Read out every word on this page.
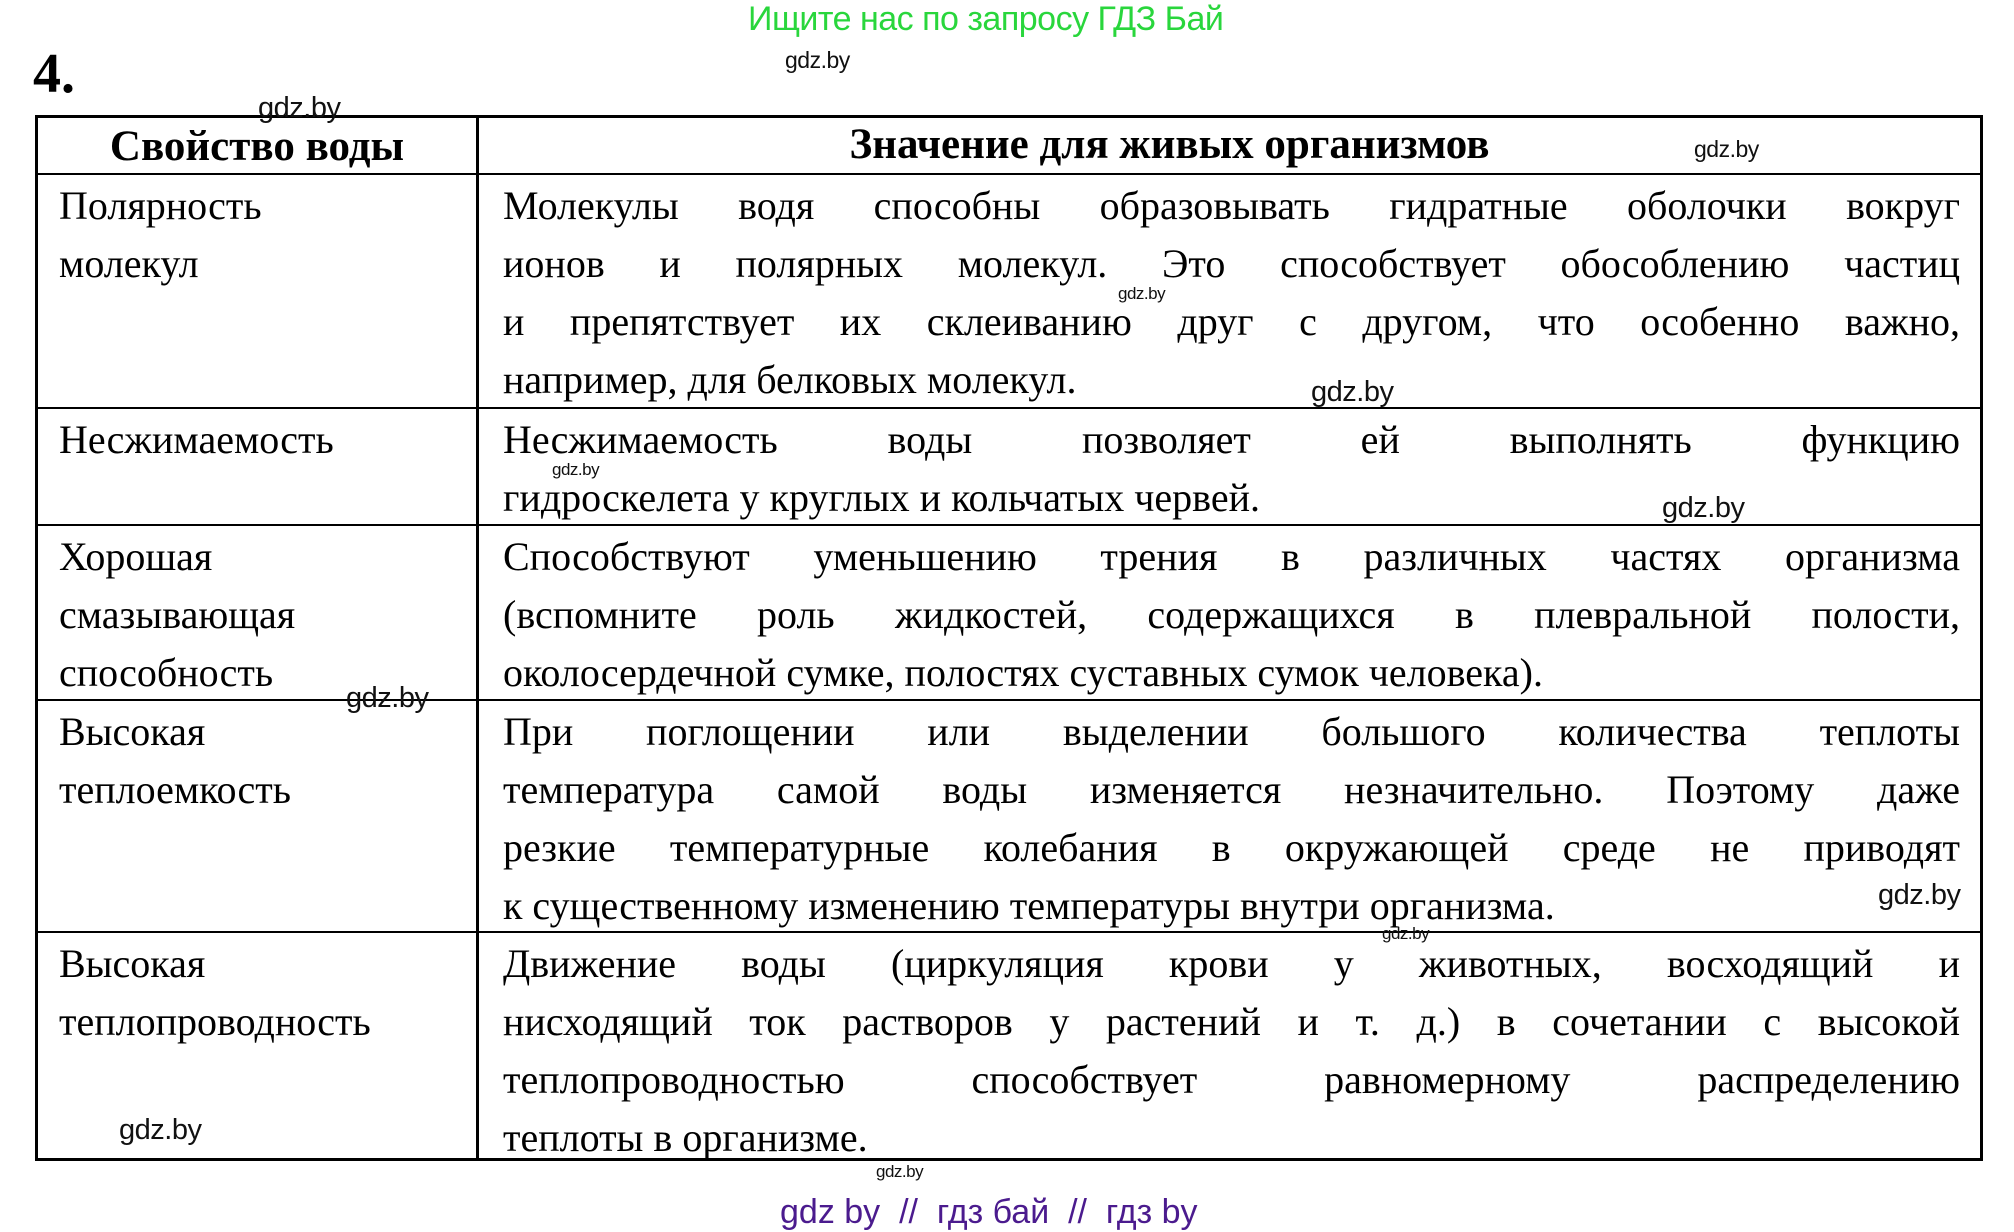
Ищите нас по запросу ГДЗ Бай
4.
Свойство воды	Значение для живых организмов
Полярность
молекул
Молекулы водя способны образовывать гидратные оболочки вокруг
ионов и полярных молекул. Это способствует обособлению частиц
и препятствует их склеиванию друг с другом, что особенно важно,
например, для белковых молекул.
Несжимаемость	Несжимаемость воды позволяет ей выполнять функцию
гидроскелета у круглых и кольчатых червей.
Хорошая
смазывающая
способность
Способствуют уменьшению трения в различных частях организма
(вспомните роль жидкостей, содержащихся в плевральной полости,
околосердечной сумке, полостях суставных сумок человека).
Высокая
теплоемкость
При поглощении или выделении большого количества теплоты
температура самой воды изменяется незначительно. Поэтому даже
резкие температурные колебания в окружающей среде не приводят
к существенному изменению температуры внутри организма.
Высокая
теплопроводность
Движение воды (циркуляция крови у животных, восходящий и
нисходящий ток растворов у растений и т. д.) в сочетании с высокой
теплопроводностью способствует равномерному распределению
теплоты в организме.
gdz.by
gdz.by
gdz.by
gdz.by
gdz.by
gdz.by
gdz.by
gdz.by
gdz.by
gdz.by
gdz.by
gdz.by
gdz by  //  гдз бай  //  гдз by
